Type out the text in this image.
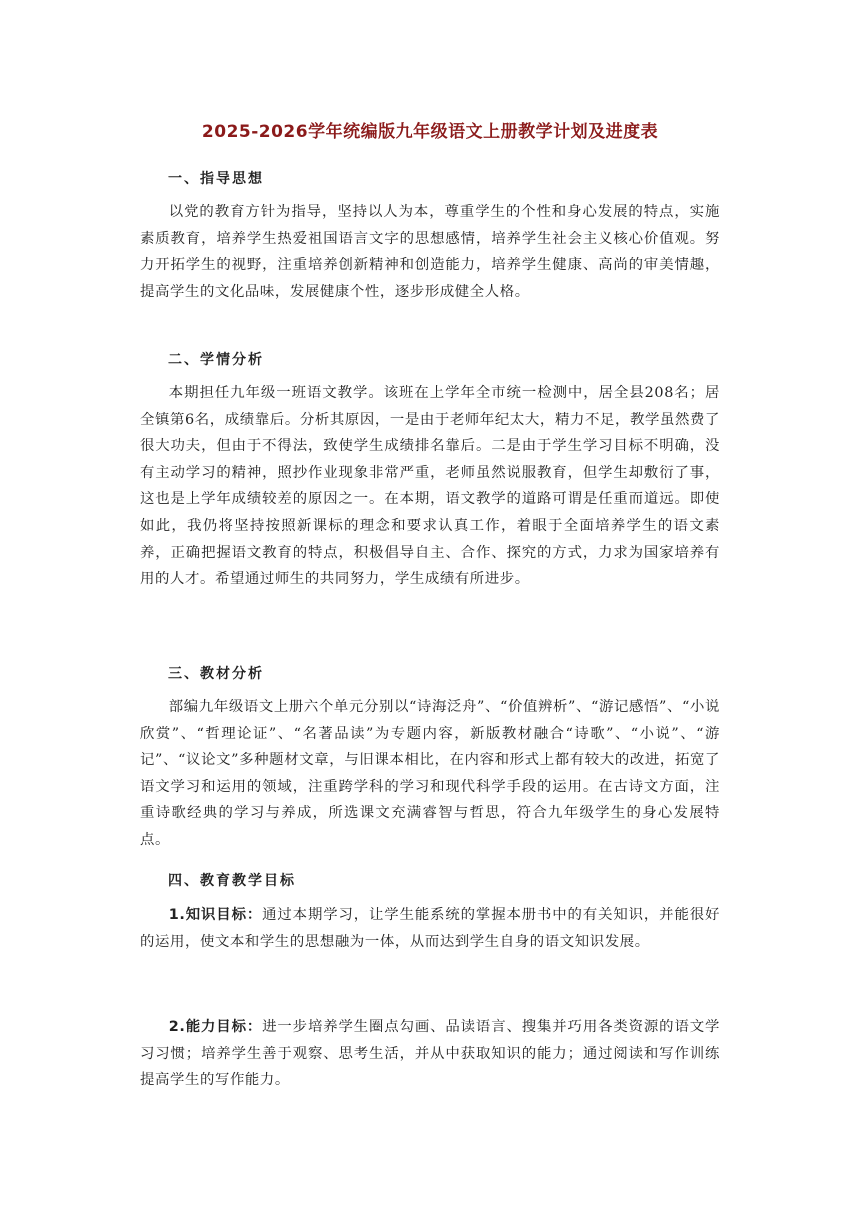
2025-2026学年统编版九年级语文上册教学计划及进度表
一、指导思想

以党的教育方针为指导，坚持以人为本，尊重学生的个性和身心发展的特点，实施素质教育，培养学生热爱祖国语言文字的思想感情，培养学生社会主义核心价值观。努力开拓学生的视野，注重培养创新精神和创造能力，培养学生健康、高尚的审美情趣，提高学生的文化品味，发展健康个性，逐步形成健全人格。

二、学情分析

本期担任九年级一班语文教学。该班在上学年全市统一检测中，居全县208名；居全镇第6名，成绩靠后。分析其原因，一是由于老师年纪太大，精力不足，教学虽然费了很大功夫，但由于不得法，致使学生成绩排名靠后。二是由于学生学习目标不明确，没有主动学习的精神，照抄作业现象非常严重，老师虽然说服教育，但学生却敷衍了事，这也是上学年成绩较差的原因之一。在本期，语文教学的道路可谓是任重而道远。即使如此，我仍将坚持按照新课标的理念和要求认真工作，着眼于全面培养学生的语文素养，正确把握语文教育的特点，积极倡导自主、合作、探究的方式，力求为国家培养有用的人才。希望通过师生的共同努力，学生成绩有所进步。

三、教材分析

部编九年级语文上册六个单元分别以“诗海泛舟”、“价值辨析”、“游记感悟”、“小说欣赏”、“哲理论证”、“名著品读”为专题内容，新版教材融合“诗歌”、“小说”、“游记”、“议论文”多种题材文章，与旧课本相比，在内容和形式上都有较大的改进，拓宽了语文学习和运用的领域，注重跨学科的学习和现代科学手段的运用。在古诗文方面，注重诗歌经典的学习与养成，所选课文充满睿智与哲思，符合九年级学生的身心发展特点。

四、教育教学目标

1.知识目标：通过本期学习，让学生能系统的掌握本册书中的有关知识，并能很好的运用，使文本和学生的思想融为一体，从而达到学生自身的语文知识发展。

2.能力目标：进一步培养学生圈点勾画、品读语言、搜集并巧用各类资源的语文学习习惯；培养学生善于观察、思考生活，并从中获取知识的能力；通过阅读和写作训练提高学生的写作能力。
